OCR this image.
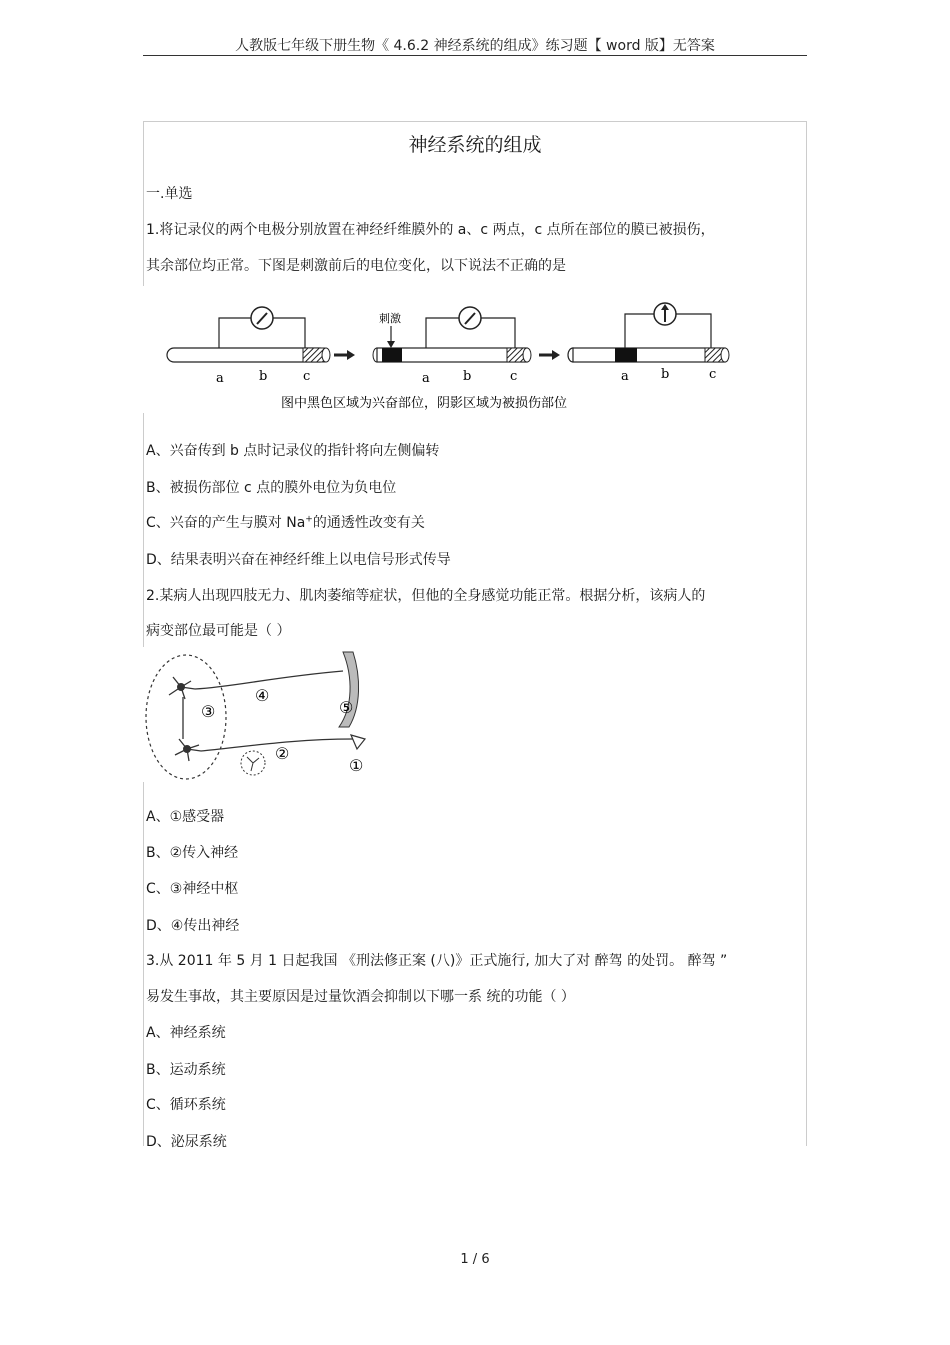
人教版七年级下册生物《 4.6.2 神经系统的组成》练习题【 word 版】无答案
神经系统的组成
一.单选
1.将记录仪的两个电极分别放置在神经纤维膜外的 a、c 两点，c 点所在部位的膜已被损伤，
其余部位均正常。下图是刺激前后的电位变化，以下说法不正确的是
a	b	c
刺激
a	b	c	a b	c
图中黑色区域为兴奋部位，阴影区域为被损伤部位
A、兴奋传到 b 点时记录仪的指针将向左侧偏转
B、被损伤部位 c 点的膜外电位为负电位
C、兴奋的产生与膜对 Na+的通透性改变有关
D、结果表明兴奋在神经纤维上以电信号形式传导
2.某病人出现四肢无力、肌肉萎缩等症状，但他的全身感觉功能正常。根据分析，该病人的
病变部位最可能是（ ）
③
④
⑤
②
①
A、①感受器
B、②传入神经
C、③神经中枢
D、④传出神经
3.从 2011 年 5 月 1 日起我国 《刑法修正案 (八)》正式施行, 加大了对 醉驾 的处罚。 醉驾 ”
易发生事故，其主要原因是过量饮酒会抑制以下哪一系 统的功能（ ）
A、神经系统
B、运动系统
C、循环系统
D、泌尿系统
1 / 6
